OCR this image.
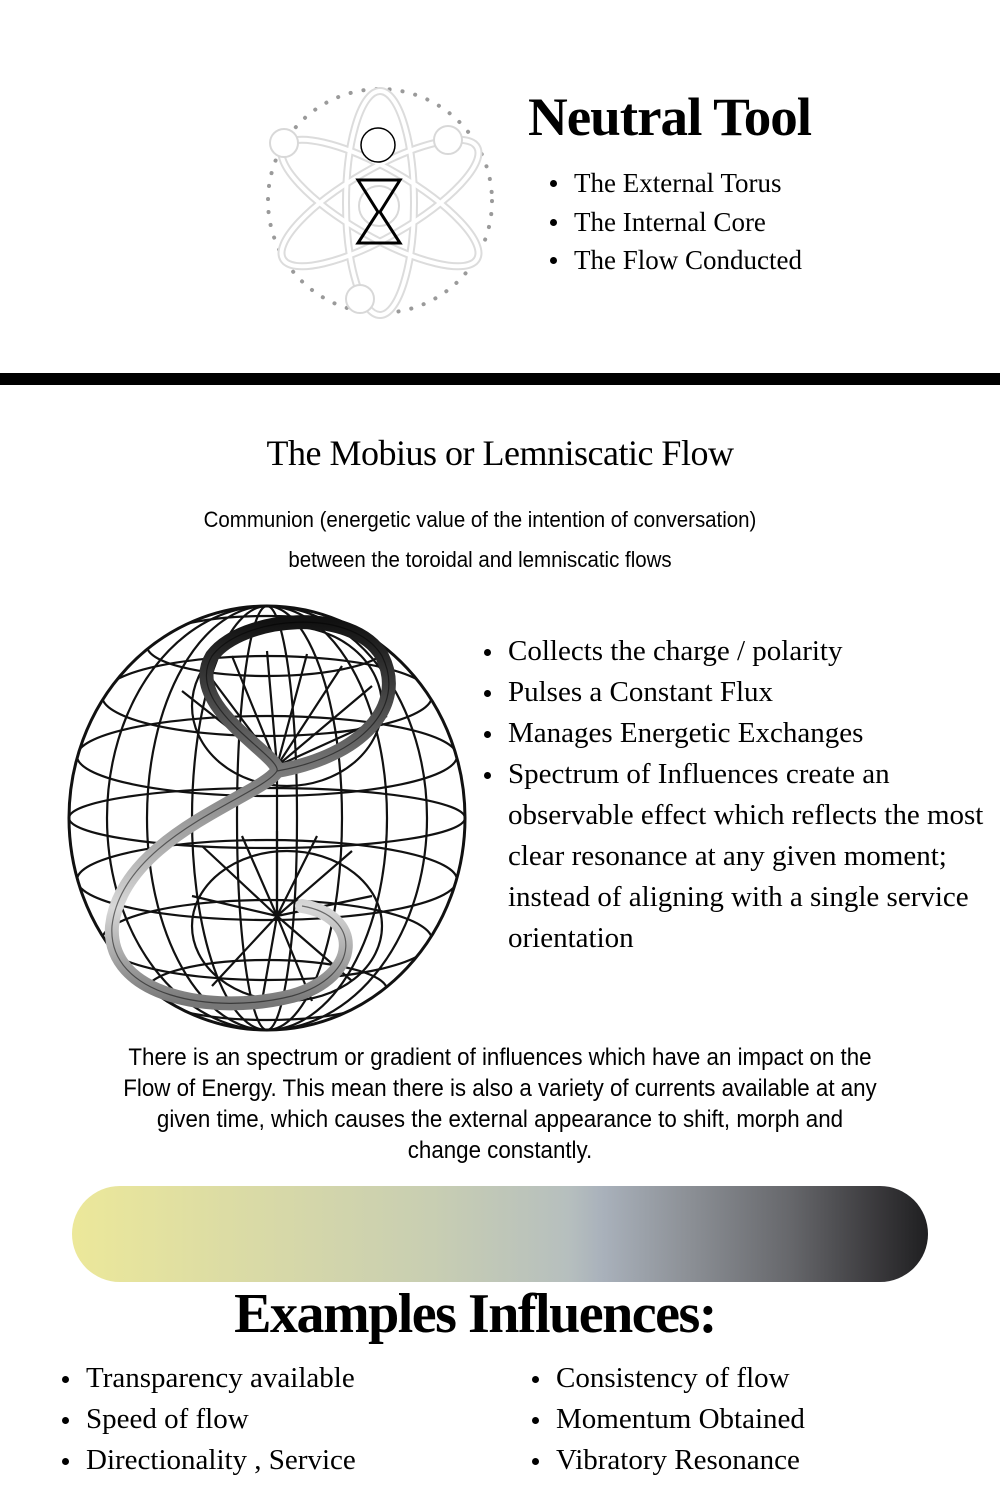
Neutral Tool
The External Torus
The Internal Core
The Flow Conducted
The Mobius or Lemniscatic Flow
Communion (energetic value of the intention of conversation)
between the toroidal and lemniscatic flows
Collects the charge / polarity
Pulses a Constant Flux
Manages Energetic Exchanges
Spectrum of Influences create an observable effect which reflects the most clear resonance at any given moment; instead of aligning with a single service orientation
There is an spectrum or gradient of influences which have an impact on the Flow of Energy. This mean there is also a variety of currents available at any given time, which causes the external appearance to shift, morph and change constantly.
Examples Influences:
Transparency available
Speed of flow
Directionality , Service
Consistency of flow
Momentum Obtained
Vibratory Resonance
